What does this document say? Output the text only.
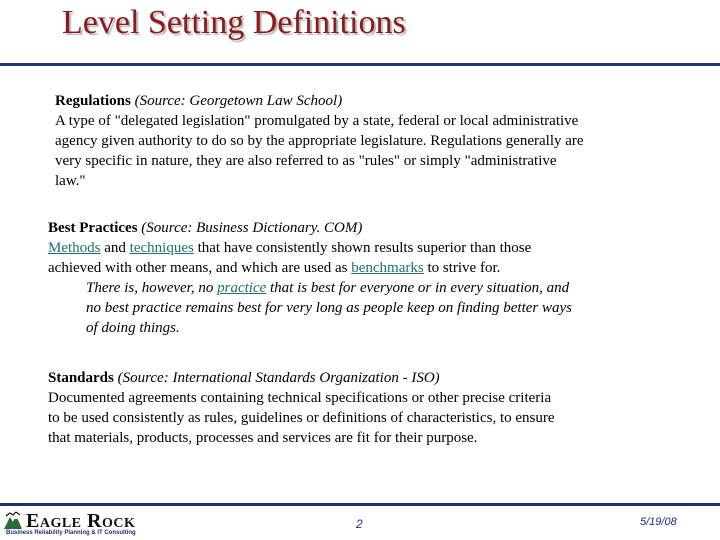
Level Setting Definitions
Regulations (Source: Georgetown Law School)
A type of "delegated legislation" promulgated by a state, federal or local administrative
agency given authority to do so by the appropriate legislature. Regulations generally are
very specific in nature, they are also referred to as "rules" or simply "administrative
law."
Best Practices (Source: Business Dictionary. COM)
Methods and techniques that have consistently shown results superior than those
achieved with other means, and which are used as benchmarks to strive for.
There is, however, no practice that is best for everyone or in every situation, and
no best practice remains best for very long as people keep on finding better ways
of doing things.
Standards (Source: International Standards Organization - ISO)
Documented agreements containing technical specifications or other precise criteria
to be used consistently as rules, guidelines or definitions of characteristics, to ensure
that materials, products, processes and services are fit for their purpose.
Eagle Rock
Business Reliability Planning & IT Consulting
2	5/19/08
